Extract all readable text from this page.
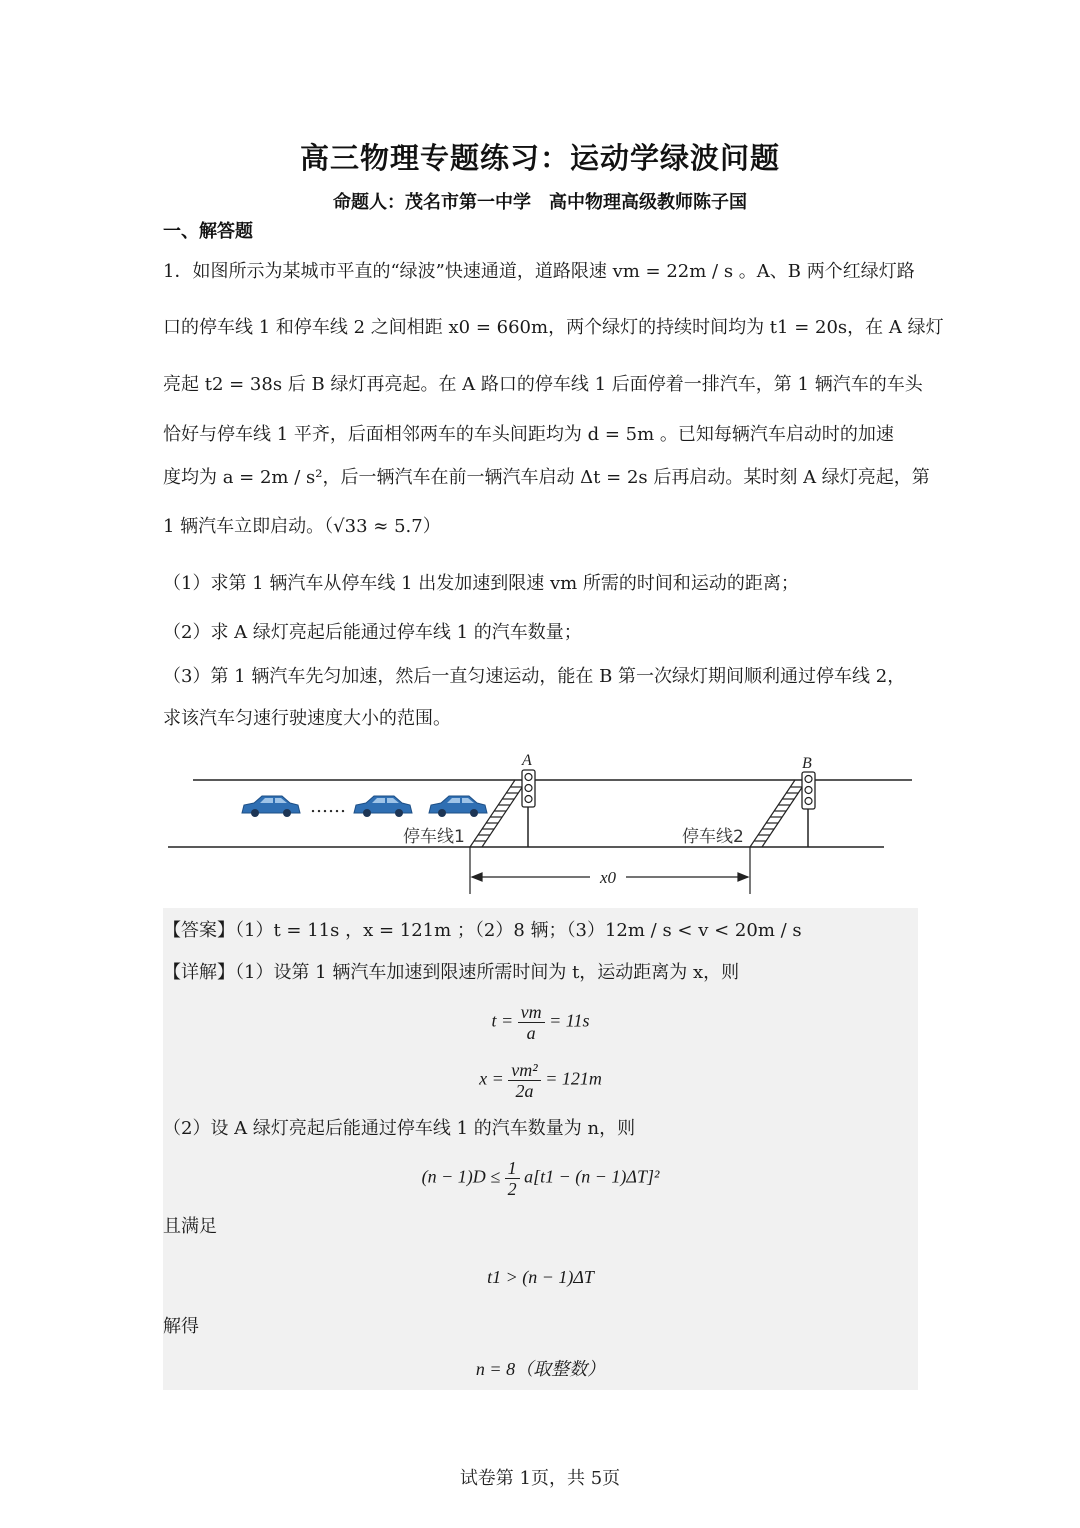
高三物理专题练习：运动学绿波问题
命题人：茂名市第一中学　高中物理高级教师陈子国
一、解答题
1．如图所示为某城市平直的“绿波”快速通道，道路限速 vm = 22m / s 。A、B 两个红绿灯路
口的停车线 1 和停车线 2 之间相距 x0 = 660m，两个绿灯的持续时间均为 t1 = 20s，在 A 绿灯
亮起 t2 = 38s 后 B 绿灯再亮起。在 A 路口的停车线 1 后面停着一排汽车，第 1 辆汽车的车头
恰好与停车线 1 平齐，后面相邻两车的车头间距均为 d = 5m 。已知每辆汽车启动时的加速
度均为 a = 2m / s²，后一辆汽车在前一辆汽车启动 Δt = 2s 后再启动。某时刻 A 绿灯亮起，第
1 辆汽车立即启动。（√33 ≈ 5.7）
（1）求第 1 辆汽车从停车线 1 出发加速到限速 vm 所需的时间和运动的距离；
（2）求 A 绿灯亮起后能通过停车线 1 的汽车数量；
（3）第 1 辆汽车先匀加速，然后一直匀速运动，能在 B 第一次绿灯期间顺利通过停车线 2，
求该汽车匀速行驶速度大小的范围。
……
A
停车线1
B
停车线2
x0
【答案】（1）t = 11s ，x = 121m ；（2）8 辆；（3）12m / s < v < 20m / s
【详解】（1）设第 1 辆汽车加速到限速所需时间为 t，运动距离为 x，则
$t = \frac{vm}{a} = 11s$
$x = \frac{\text{vm²}}{2a} = 121m$
（2）设 A 绿灯亮起后能通过停车线 1 的汽车数量为 n，则
$(n - 1)D \le \frac{1}{2} a[t1 - (n - 1)\Delta T]^2$
且满足
t1 > (n − 1)ΔT
解得
n = 8（取整数）
试卷第 1页，共 5页
